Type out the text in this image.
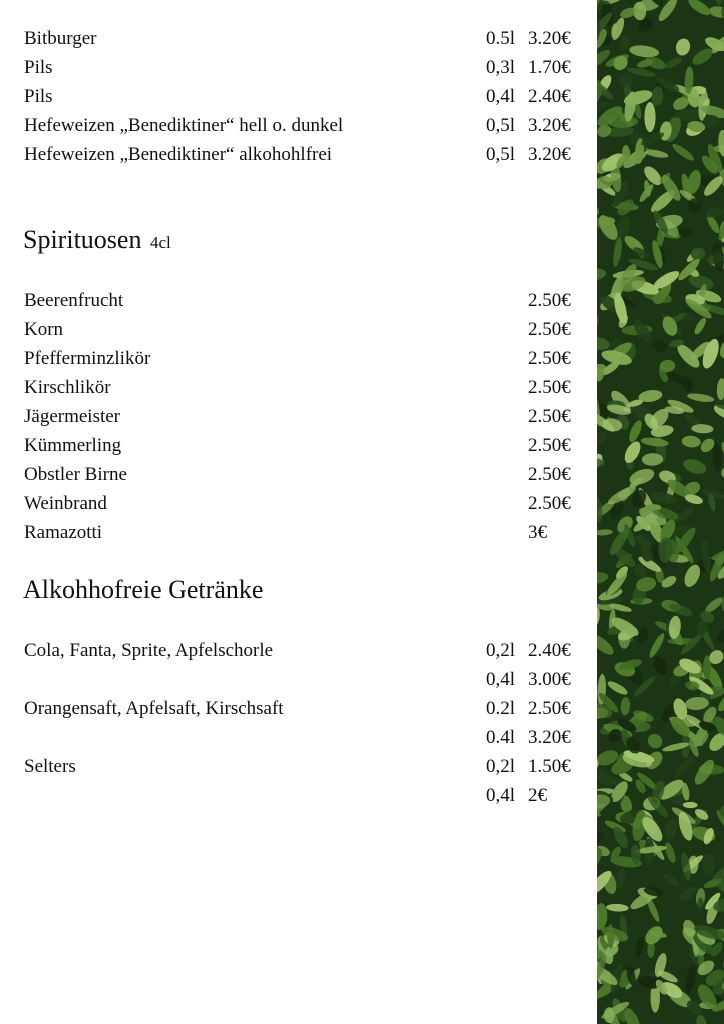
Bitburger	0.5l 3.20€
Pils	0,3l 1.70€
Pils	0,4l 2.40€
Hefeweizen „Benediktiner“ hell o. dunkel	0,5l 3.20€
Hefeweizen „Benediktiner“ alkohohlfrei	0,5l 3.20€
Spirituosen 4cl
Beerenfrucht	2.50€
Korn	2.50€
Pfefferminzlikör	2.50€
Kirschlikör	2.50€
Jägermeister	2.50€
Kümmerling	2.50€
Obstler Birne	2.50€
Weinbrand	2.50€
Ramazotti	3€
Alkohhofreie Getränke
Cola, Fanta, Sprite, Apfelschorle	0,2l 2.40€
0,4l 3.00€
Orangensaft, Apfelsaft, Kirschsaft	0.2l 2.50€
0.4l 3.20€
Selters	0,2l 1.50€
0,4l 2€
